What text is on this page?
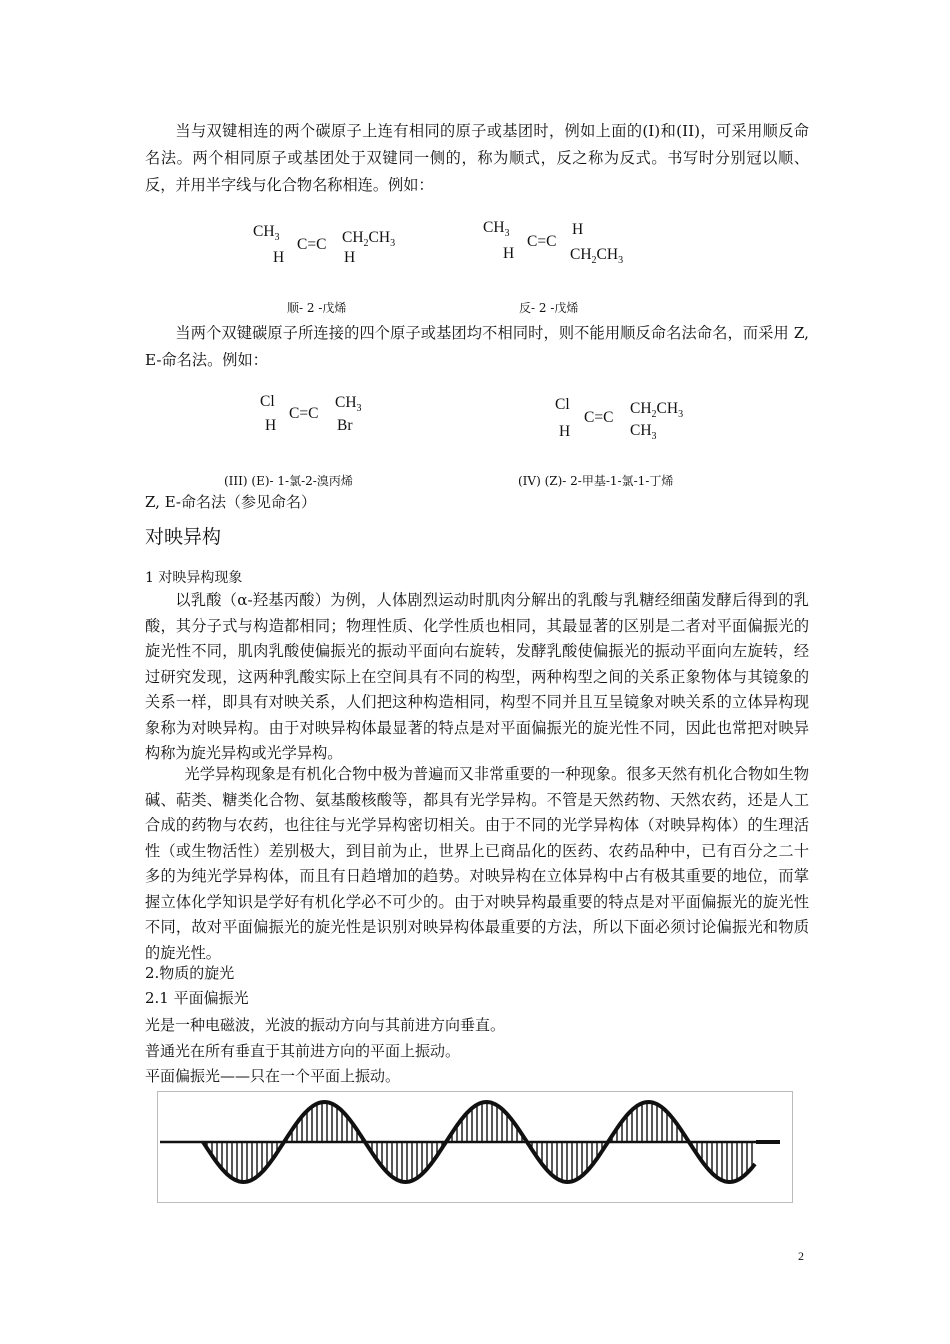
当与双键相连的两个碳原子上连有相同的原子或基团时，例如上面的(I)和(II)，可采用顺反命名法。两个相同原子或基团处于双键同一侧的，称为顺式，反之称为反式。书写时分别冠以顺、反，并用半字线与化合物名称相连。例如：

$CH_3$
H
C=C $CH_2CH_3$
H
$CH_3$
H
C=C
H
$CH_2CH_3$
顺- 2 -戊烯	反- 2 -戊烯

当两个双键碳原子所连接的四个原子或基团均不相同时，则不能用顺反命名法命名，而采用 Z, E-命名法。例如：

Cl
H
C=C
$CH_3$
Br
Cl
H
C=C
$CH_2CH_3$
$CH_3$
(III) (E)- 1-氯-2-溴丙烯	(IV) (Z)- 2-甲基-1-氯-1-丁烯
Z, E-命名法（参见命名）
对映异构
1 对映异构现象

以乳酸（α-羟基丙酸）为例，人体剧烈运动时肌肉分解出的乳酸与乳糖经细菌发酵后得到的乳酸，其分子式与构造都相同；物理性质、化学性质也相同，其最显著的区别是二者对平面偏振光的旋光性不同，肌肉乳酸使偏振光的振动平面向右旋转，发酵乳酸使偏振光的振动平面向左旋转，经过研究发现，这两种乳酸实际上在空间具有不同的构型，两种构型之间的关系正象物体与其镜象的关系一样，即具有对映关系，人们把这种构造相同，构型不同并且互呈镜象对映关系的立体异构现象称为对映异构。由于对映异构体最显著的特点是对平面偏振光的旋光性不同，因此也常把对映异构称为旋光异构或光学异构。

光学异构现象是有机化合物中极为普遍而又非常重要的一种现象。很多天然有机化合物如生物碱、萜类、糖类化合物、氨基酸核酸等，都具有光学异构。不管是天然药物、天然农药，还是人工合成的药物与农药，也往往与光学异构密切相关。由于不同的光学异构体（对映异构体）的生理活性（或生物活性）差别极大，到目前为止，世界上已商品化的医药、农药品种中，已有百分之二十多的为纯光学异构体，而且有日趋增加的趋势。对映异构在立体异构中占有极其重要的地位，而掌握立体化学知识是学好有机化学必不可少的。由于对映异构最重要的特点是对平面偏振光的旋光性不同，故对平面偏振光的旋光性是识别对映异构体最重要的方法，所以下面必须讨论偏振光和物质的旋光性。

2.物质的旋光
2.1 平面偏振光
光是一种电磁波，光波的振动方向与其前进方向垂直。
普通光在所有垂直于其前进方向的平面上振动。
平面偏振光——只在一个平面上振动。
2
